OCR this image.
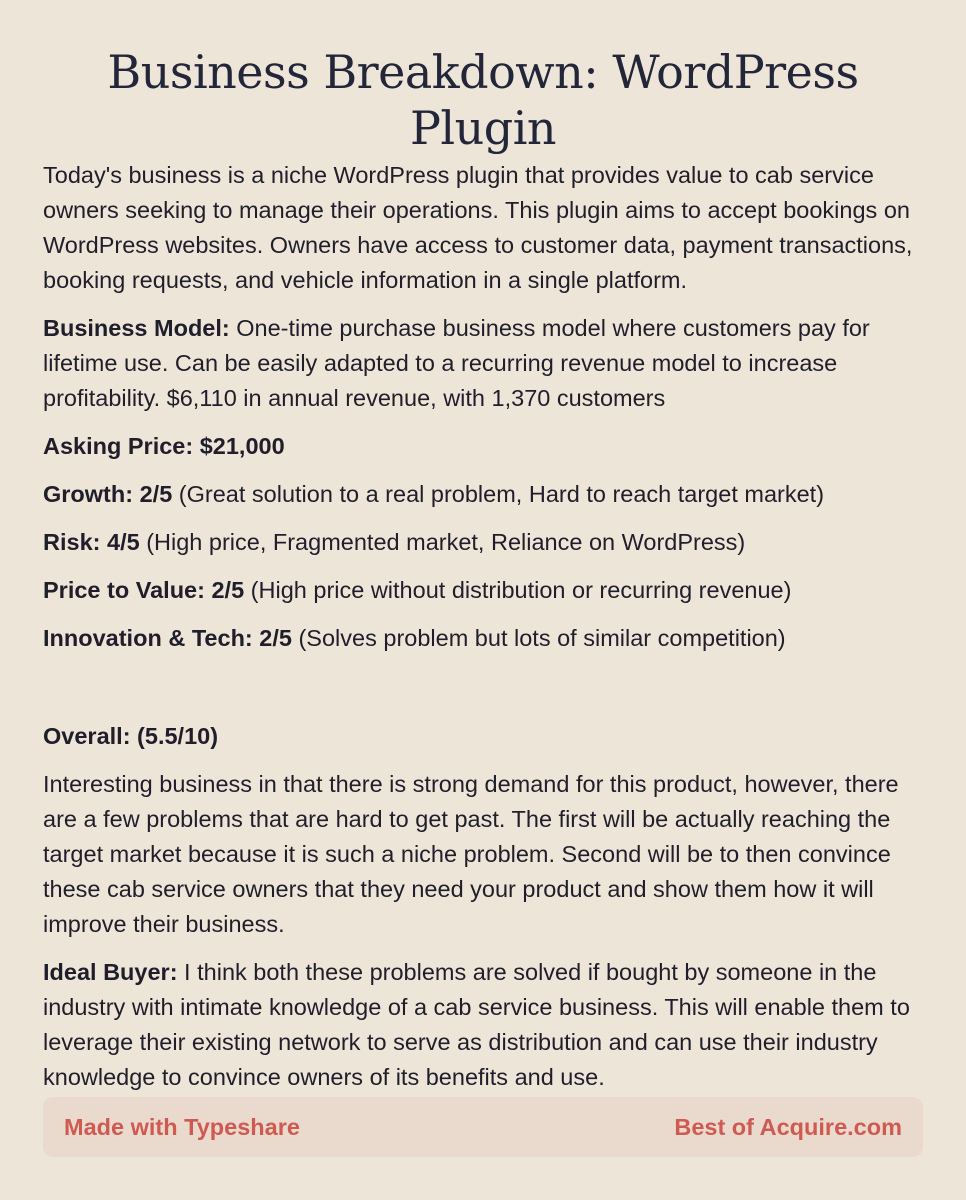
Business Breakdown: WordPress Plugin

Today's business is a niche WordPress plugin that provides value to cab service owners seeking to manage their operations. This plugin aims to accept bookings on WordPress websites. Owners have access to customer data, payment transactions, booking requests, and vehicle information in a single platform.

Business Model: One-time purchase business model where customers pay for lifetime use. Can be easily adapted to a recurring revenue model to increase profitability. $6,110 in annual revenue, with 1,370 customers

Asking Price: $21,000

Growth: 2/5 (Great solution to a real problem, Hard to reach target market)

Risk: 4/5 (High price, Fragmented market, Reliance on WordPress)

Price to Value: 2/5 (High price without distribution or recurring revenue)

Innovation & Tech: 2/5 (Solves problem but lots of similar competition)

Overall: (5.5/10)

Interesting business in that there is strong demand for this product, however, there are a few problems that are hard to get past. The first will be actually reaching the target market because it is such a niche problem. Second will be to then convince these cab service owners that they need your product and show them how it will improve their business.

Ideal Buyer: I think both these problems are solved if bought by someone in the industry with intimate knowledge of a cab service business. This will enable them to leverage their existing network to serve as distribution and can use their industry knowledge to convince owners of its benefits and use.

Made with Typeshare	Best of Acquire.com
